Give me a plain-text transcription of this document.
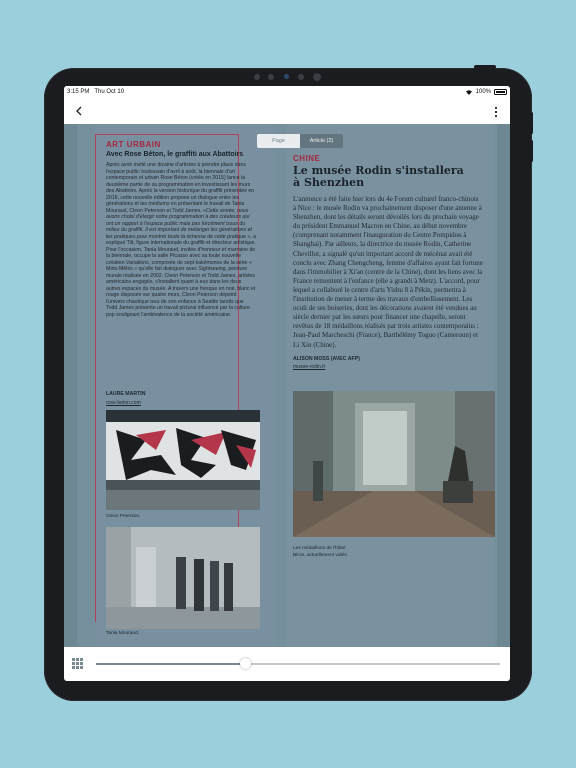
3:15 PM Thu Oct 10	100%
Page	Article (2)
ART URBAIN
Avec Rose Béton, le graffiti aux Abattoirs
Après avoir invité une dizaine d'artistes à prendre place dans l'espace public toulousain d'avril à août, la biennale d'art contemporain et urbain Rose Béton (créée en 2015) lance la deuxième partie de sa programmation en investissant les murs des Abattoirs. Après la version historique du graffiti présentée en 2016, cette nouvelle édition propose un dialogue entre les générations et les médiums en présentant le travail de Tania Mouraud, Cleon Peterson et Todd James. «Cette année, nous avons choisi d'élargir notre programmation à des créateurs qui ont un rapport à l'espace public mais pas forcément issus du milieu du graffiti. Il est important de mélanger les générations et les pratiques pour montrer toute la richesse de cette pratique », a expliqué Tilt, figure internationale du graffiti et directeur artistique. Pour l'occasion, Tania Mouraud, invitée d'honneur et marraine de la biennale, occupe la salle Picasso avec sa toute nouvelle création Variations, composée de sept kakémonos de la série « Mots-Mêlés » qu'elle fait dialoguer avec Sightseeing, peinture murale réalisée en 2002. Cleon Peterson et Todd James, artistes américains engagés, s'installent quant à eux dans les deux autres espaces du musée. A travers une fresque en noir, blanc et rouge disposée sur quatre murs, Cleon Peterson dépeint l'univers chaotique issu de son enfance à Seattle tandis que Todd James présente un travail pictural influencé par la culture pop soulignant l'ambivalence de la société américaine.
LAURE MARTIN
rose-beton.com
Cleon Peterson.
Tania Mouraud.
CHINE
Le musée Rodin s'installera à Shenzhen
L'annonce a été faite hier lors du 4e Forum culturel franco-chinois à Nice : le musée Rodin va prochainement disposer d'une antenne à Shenzhen, dont les détails seront dévoilés lors du prochain voyage du président Emmanuel Macron en Chine, au début novembre (comprenant notamment l'inauguration du Centre Pompidou à Shanghai). Par ailleurs, la directrice du musée Rodin, Catherine Chevillot, a signalé qu'un important accord de mécénat avait été conclu avec Zhang Chengcheng, femme d'affaires ayant fait fortune dans l'immobilier à Xi'an (centre de la Chine), dont les liens avec la France remontent à l'enfance (elle a grandi à Metz). L'accord, pour lequel a collaboré le centre d'arts Yishu 8 à Pékin, permettra à l'institution de mener à terme des travaux d'embellissement. Les oculi de ses boiseries, dont les décorations avaient été vendues au siècle dernier par les sœurs pour financer une chapelle, seront revêtus de 18 médaillons réalisés par trois artistes contemporains : Jean-Paul Marcheschi (France), Barthélémy Toguo (Cameroun) et Li Xin (Chine).
ALISON MOSS (AVEC AFP)
musee-rodin.fr
Les médaillons de l'hôtel Biron, actuellement vidés.
